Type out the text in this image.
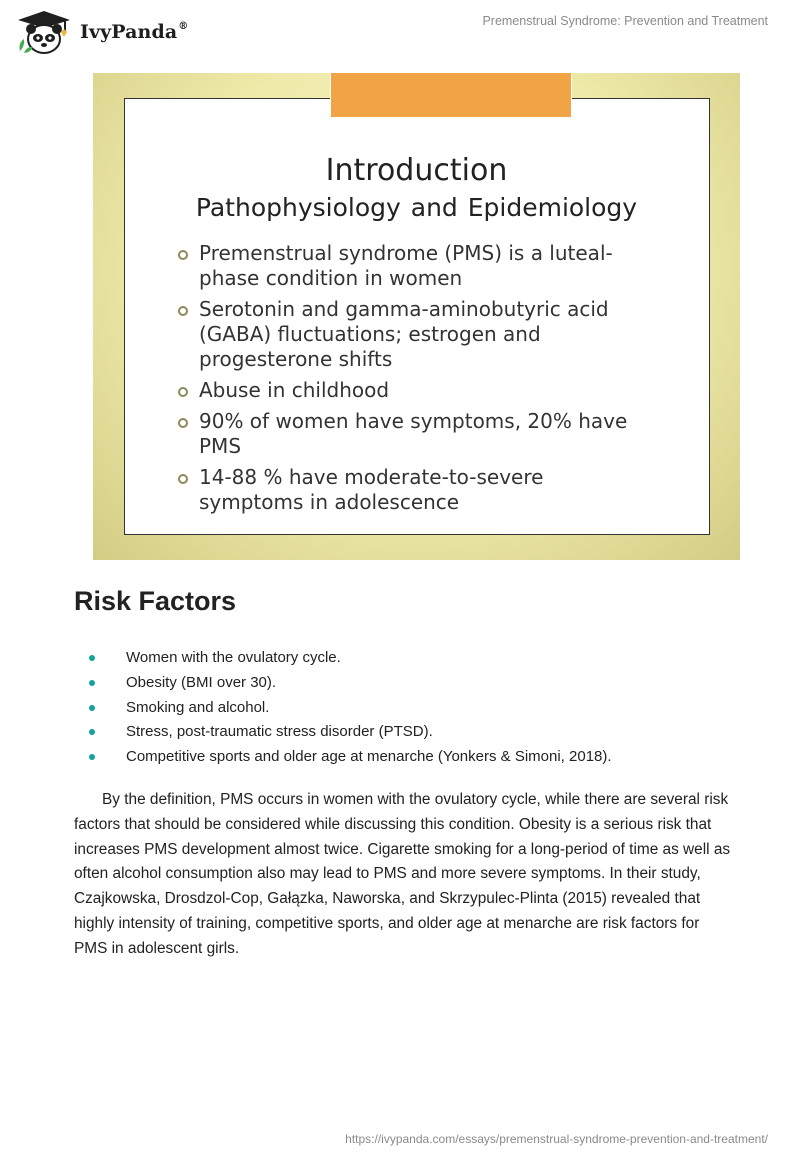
IvyPanda®	Premenstrual Syndrome: Prevention and Treatment
Introduction
Pathophysiology and Epidemiology
Premenstrual syndrome (PMS) is a luteal-phase condition in women
Serotonin and gamma-aminobutyric acid (GABA) fluctuations; estrogen and progesterone shifts
Abuse in childhood
90% of women have symptoms, 20% have PMS
14-88 % have moderate-to-severe symptoms in adolescence
Risk Factors
Women with the ovulatory cycle.
Obesity (BMI over 30).
Smoking and alcohol.
Stress, post-traumatic stress disorder (PTSD).
Competitive sports and older age at menarche (Yonkers & Simoni, 2018).

By the definition, PMS occurs in women with the ovulatory cycle, while there are several risk factors that should be considered while discussing this condition. Obesity is a serious risk that increases PMS development almost twice. Cigarette smoking for a long-period of time as well as often alcohol consumption also may lead to PMS and more severe symptoms. In their study, Czajkowska, Drosdzol-Cop, Gałązka, Naworska, and Skrzypulec-Plinta (2015) revealed that highly intensity of training, competitive sports, and older age at menarche are risk factors for PMS in adolescent girls.

https://ivypanda.com/essays/premenstrual-syndrome-prevention-and-treatment/
